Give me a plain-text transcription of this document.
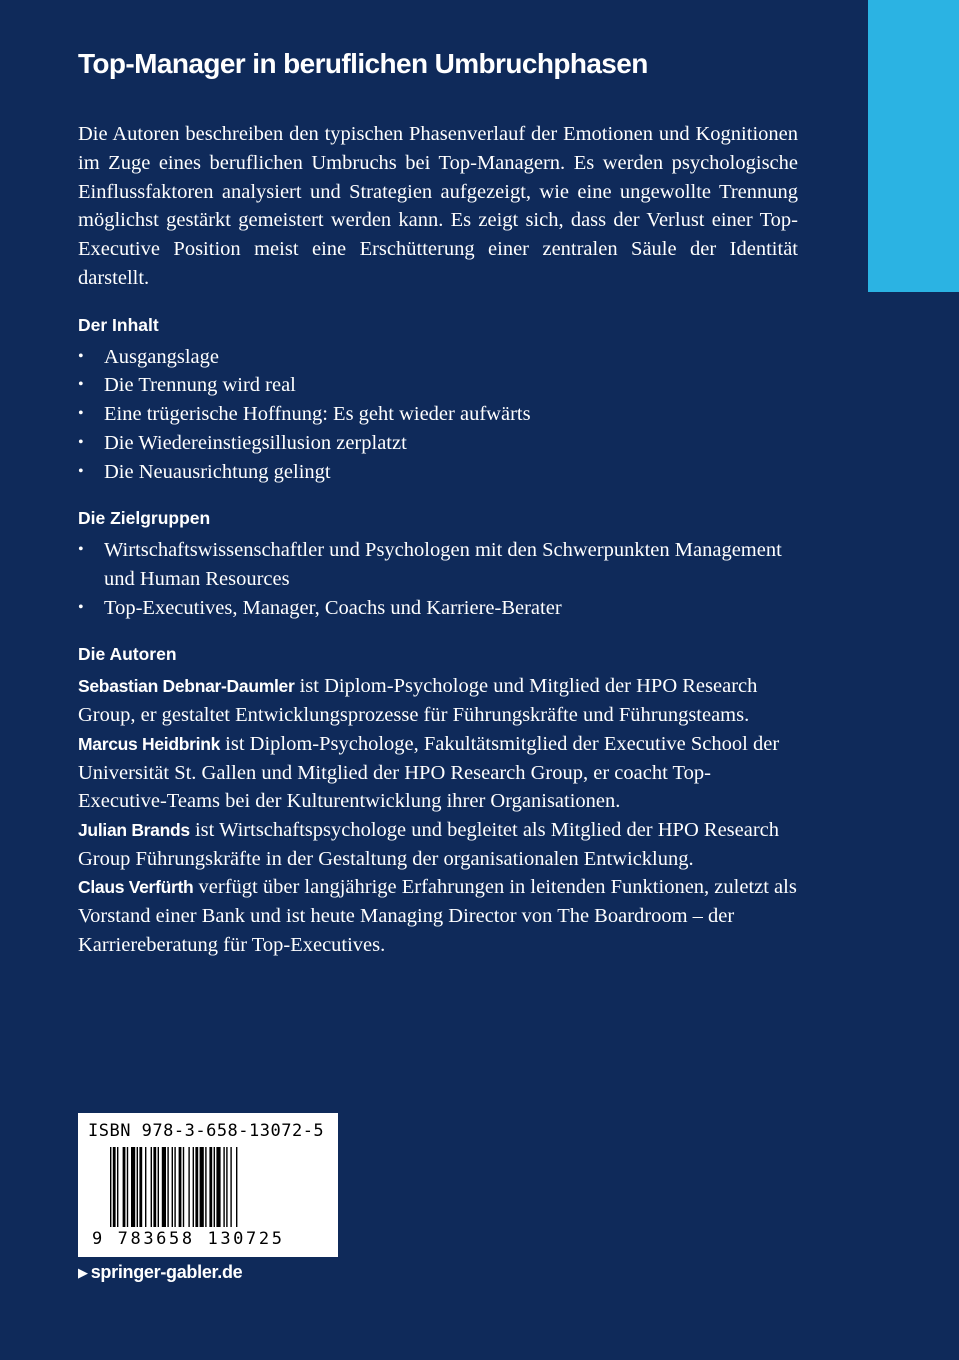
Top-Manager in beruflichen Umbruchphasen

Die Autoren beschreiben den typischen Phasenverlauf der Emotionen und Kognitionen im Zuge eines beruflichen Umbruchs bei Top-Managern. Es werden psychologische Einflussfaktoren analysiert und Strategien aufgezeigt, wie eine ungewollte Trennung möglichst gestärkt gemeistert werden kann. Es zeigt sich, dass der Verlust einer Top-Executive Position meist eine Erschütterung einer zentralen Säule der Identität darstellt.

Der Inhalt
• Ausgangslage
• Die Trennung wird real
• Eine trügerische Hoffnung: Es geht wieder aufwärts
• Die Wiedereinstiegsillusion zerplatzt
• Die Neuausrichtung gelingt
Die Zielgruppen
• Wirtschaftswissenschaftler und Psychologen mit den Schwerpunkten Management und Human Resources
• Top-Executives, Manager, Coachs und Karriere-Berater
Die Autoren

Sebastian Debnar-Daumler ist Diplom-Psychologe und Mitglied der HPO Research Group, er gestaltet Entwicklungsprozesse für Führungskräfte und Führungsteams.

Marcus Heidbrink ist Diplom-Psychologe, Fakultätsmitglied der Executive School der Universität St. Gallen und Mitglied der HPO Research Group, er coacht Top-Executive-Teams bei der Kulturentwicklung ihrer Organisationen.

Julian Brands ist Wirtschaftspsychologe und begleitet als Mitglied der HPO Research Group Führungskräfte in der Gestaltung der organisationalen Entwicklung.

Claus Verfürth verfügt über langjährige Erfahrungen in leitenden Funktionen, zuletzt als Vorstand einer Bank und ist heute Managing Director von The Boardroom – der Karriereberatung für Top-Executives.

ISBN 978-3-658-13072-5
9 783658 130725
▶ springer-gabler.de
